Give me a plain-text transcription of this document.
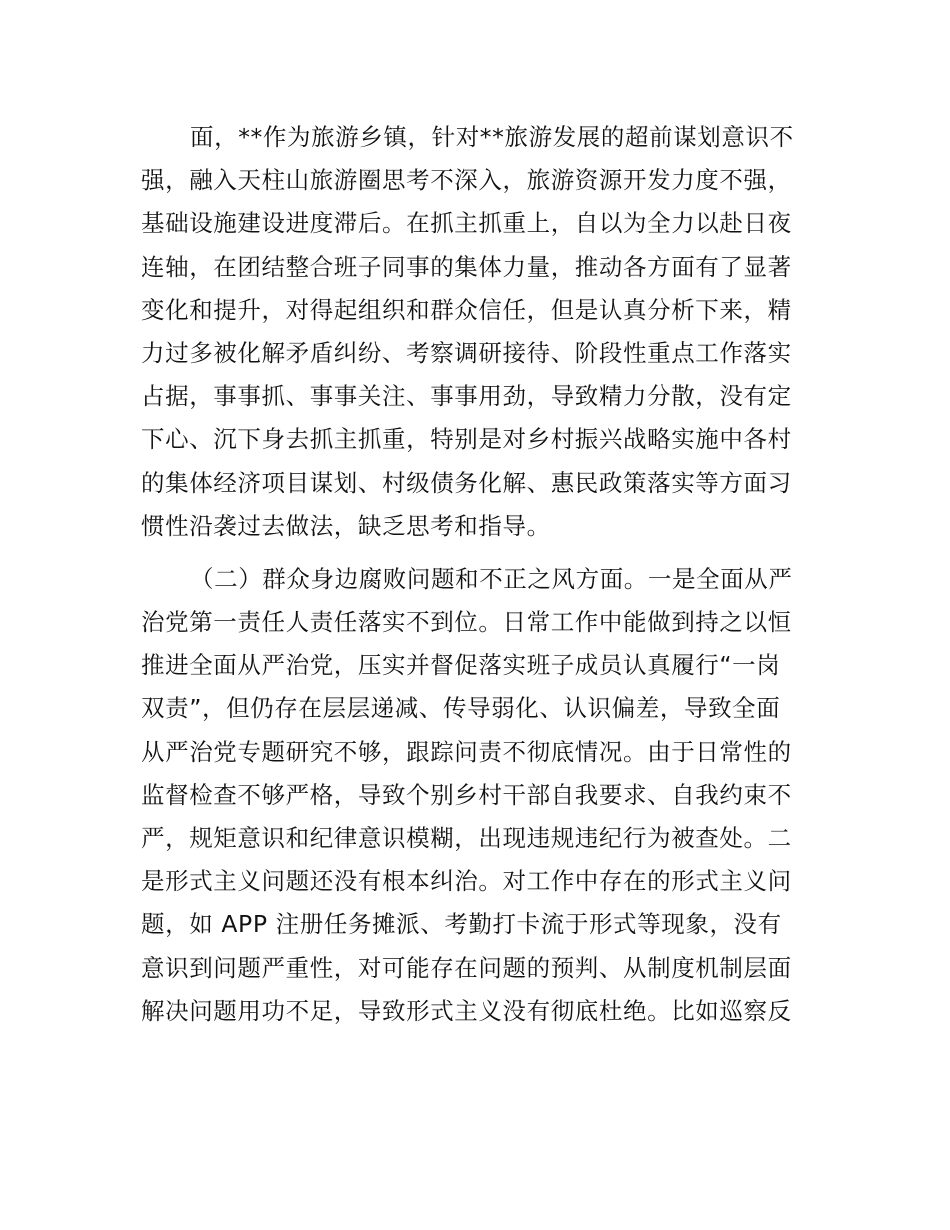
面，**作为旅游乡镇，针对**旅游发展的超前谋划意识不
强，融入天柱山旅游圈思考不深入，旅游资源开发力度不强，
基础设施建设进度滞后。在抓主抓重上，自以为全力以赴日夜
连轴，在团结整合班子同事的集体力量，推动各方面有了显著
变化和提升，对得起组织和群众信任，但是认真分析下来，精
力过多被化解矛盾纠纷、考察调研接待、阶段性重点工作落实
占据，事事抓、事事关注、事事用劲，导致精力分散，没有定
下心、沉下身去抓主抓重，特别是对乡村振兴战略实施中各村
的集体经济项目谋划、村级债务化解、惠民政策落实等方面习
惯性沿袭过去做法，缺乏思考和指导。
（二）群众身边腐败问题和不正之风方面。一是全面从严
治党第一责任人责任落实不到位。日常工作中能做到持之以恒
推进全面从严治党，压实并督促落实班子成员认真履行“一岗
双责”，但仍存在层层递减、传导弱化、认识偏差，导致全面
从严治党专题研究不够，跟踪问责不彻底情况。由于日常性的
监督检查不够严格，导致个别乡村干部自我要求、自我约束不
严，规矩意识和纪律意识模糊，出现违规违纪行为被查处。二
是形式主义问题还没有根本纠治。对工作中存在的形式主义问
题，如 APP 注册任务摊派、考勤打卡流于形式等现象，没有
意识到问题严重性，对可能存在问题的预判、从制度机制层面
解决问题用功不足，导致形式主义没有彻底杜绝。比如巡察反
